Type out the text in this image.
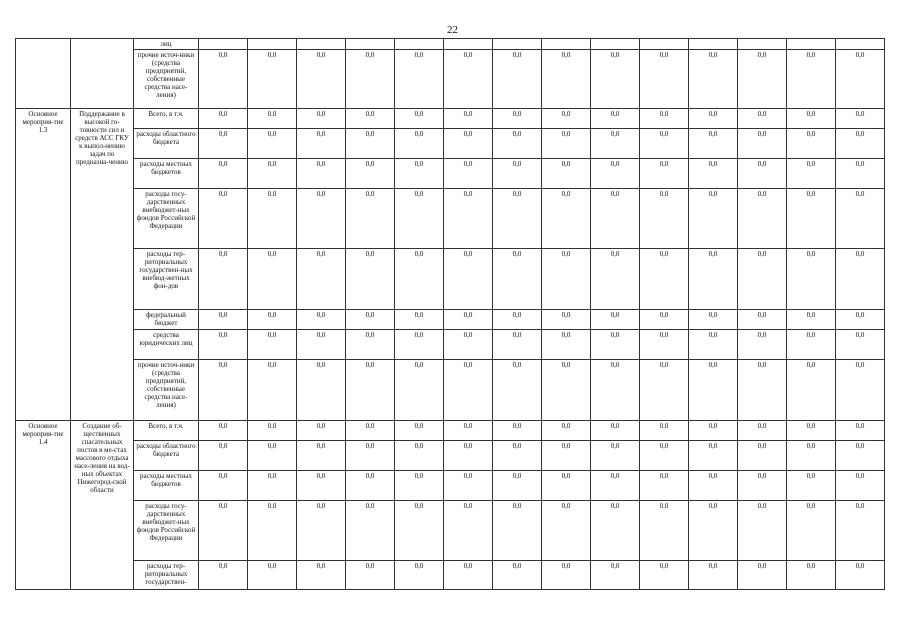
22
		лиц														
		прочие источ-ники (средства предприятий, собственные средства насе-ления)	0,0	0,0	0,0	0,0	0,0	0,0	0,0	0,0	0,0	0,0	0,0	0,0	0,0	0,0
Основное мероприя-тие 1.3	Поддержание в высокой го-товности сил и средств АСС ГКУ к выпол-нению задач по предназна-чению	Всего, в т.ч.	0,0	0,0	0,0	0,0	0,0	0,0	0,0	0,0	0,0	0,0	0,0	0,0	0,0	0,0
		расходы областного бюджета	0,0	0,0	0,0	0,0	0,0	0,0	0,0	0,0	0,0	0,0	0,0	0,0	0,0	0,0
		расходы местных бюджетов	0,0	0,0	0,0	0,0	0,0	0,0	0,0	0,0	0,0	0,0	0,0	0,0	0,0	0,0
		расходы госу-дарственных внебюджет-ных фондов Российской Федерации	0,0	0,0	0,0	0,0	0,0	0,0	0,0	0,0	0,0	0,0	0,0	0,0	0,0	0,0
		расходы тер-риториальных государствен-ных внебюд-жетных фон-дов	0,0	0,0	0,0	0,0	0,0	0,0	0,0	0,0	0,0	0,0	0,0	0,0	0,0	0,0
		федеральный бюджет	0,0	0,0	0,0	0,0	0,0	0,0	0,0	0,0	0,0	0,0	0,0	0,0	0,0	0,0
		средства юридических лиц	0,0	0,0	0,0	0,0	0,0	0,0	0,0	0,0	0,0	0,0	0,0	0,0	0,0	0,0
		прочие источ-ники (средства предприятий, собственные средства насе-ления)	0,0	0,0	0,0	0,0	0,0	0,0	0,0	0,0	0,0	0,0	0,0	0,0	0,0	0,0
Основное мероприя-тие 1.4	Создание об-щественных спасательных постов в ме-стах массового отдыха насе-ления на вод-ных объектах Нижегород-ской области	Всего, в т.ч.	0,0	0,0	0,0	0,0	0,0	0,0	0,0	0,0	0,0	0,0	0,0	0,0	0,0	0,0
		расходы областного бюджета	0,0	0,0	0,0	0,0	0,0	0,0	0,0	0,0	0,0	0,0	0,0	0,0	0,0	0,0
		расходы местных бюджетов	0,0	0,0	0,0	0,0	0,0	0,0	0,0	0,0	0,0	0,0	0,0	0,0	0,0	0,0
		расходы госу-дарственных внебюджет-ных фондов Российской Федерации	0,0	0,0	0,0	0,0	0,0	0,0	0,0	0,0	0,0	0,0	0,0	0,0	0,0	0,0
		расходы тер-риториальных государствен-	0,0	0,0	0,0	0,0	0,0	0,0	0,0	0,0	0,0	0,0	0,0	0,0	0,0	0,0
